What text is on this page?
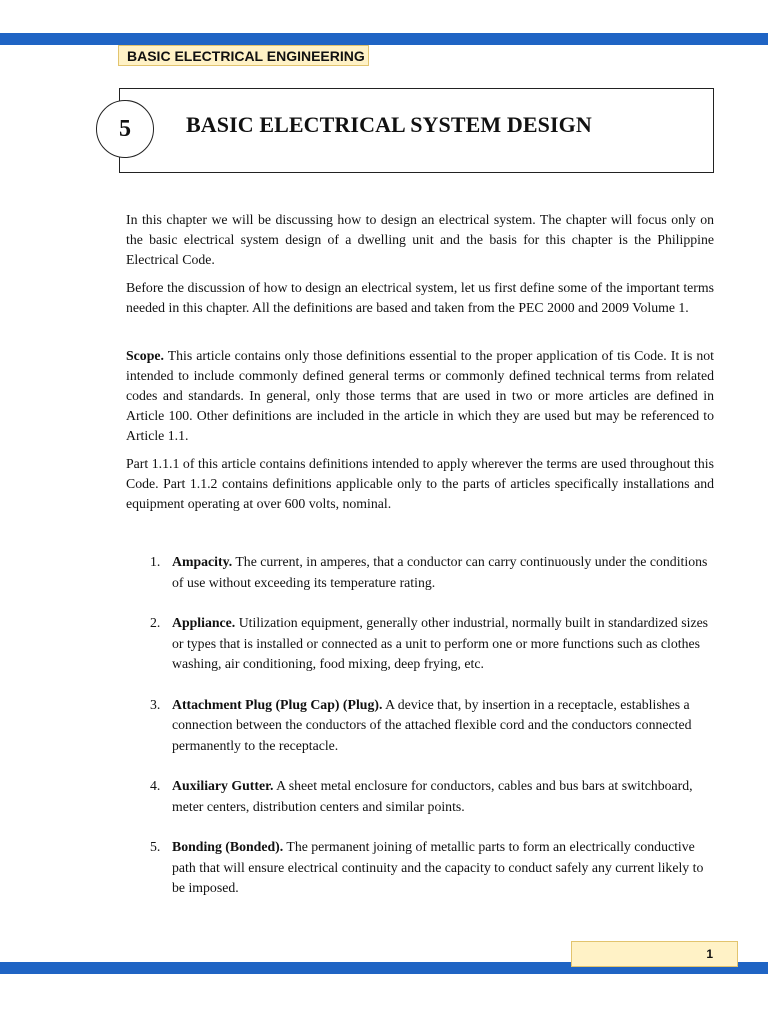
BASIC ELECTRICAL ENGINEERING
5	BASIC ELECTRICAL SYSTEM DESIGN

In this chapter we will be discussing how to design an electrical system. The chapter will focus only on the basic electrical system design of a dwelling unit and the basis for this chapter is the Philippine Electrical Code.

Before the discussion of how to design an electrical system, let us first define some of the important terms needed in this chapter. All the definitions are based and taken from the PEC 2000 and 2009 Volume 1.

Scope. This article contains only those definitions essential to the proper application of tis Code. It is not intended to include commonly defined general terms or commonly defined technical terms from related codes and standards. In general, only those terms that are used in two or more articles are defined in Article 100. Other definitions are included in the article in which they are used but may be referenced to Article 1.1.

Part 1.1.1 of this article contains definitions intended to apply wherever the terms are used throughout this Code. Part 1.1.2 contains definitions applicable only to the parts of articles specifically installations and equipment operating at over 600 volts, nominal.

1. Ampacity. The current, in amperes, that a conductor can carry continuously under the conditions of use without exceeding its temperature rating.
2. Appliance. Utilization equipment, generally other industrial, normally built in standardized sizes or types that is installed or connected as a unit to perform one or more functions such as clothes washing, air conditioning, food mixing, deep frying, etc.
3. Attachment Plug (Plug Cap) (Plug). A device that, by insertion in a receptacle, establishes a connection between the conductors of the attached flexible cord and the conductors connected permanently to the receptacle.
4. Auxiliary Gutter. A sheet metal enclosure for conductors, cables and bus bars at switchboard, meter centers, distribution centers and similar points.
5. Bonding (Bonded). The permanent joining of metallic parts to form an electrically conductive path that will ensure electrical continuity and the capacity to conduct safely any current likely to be imposed.
1
